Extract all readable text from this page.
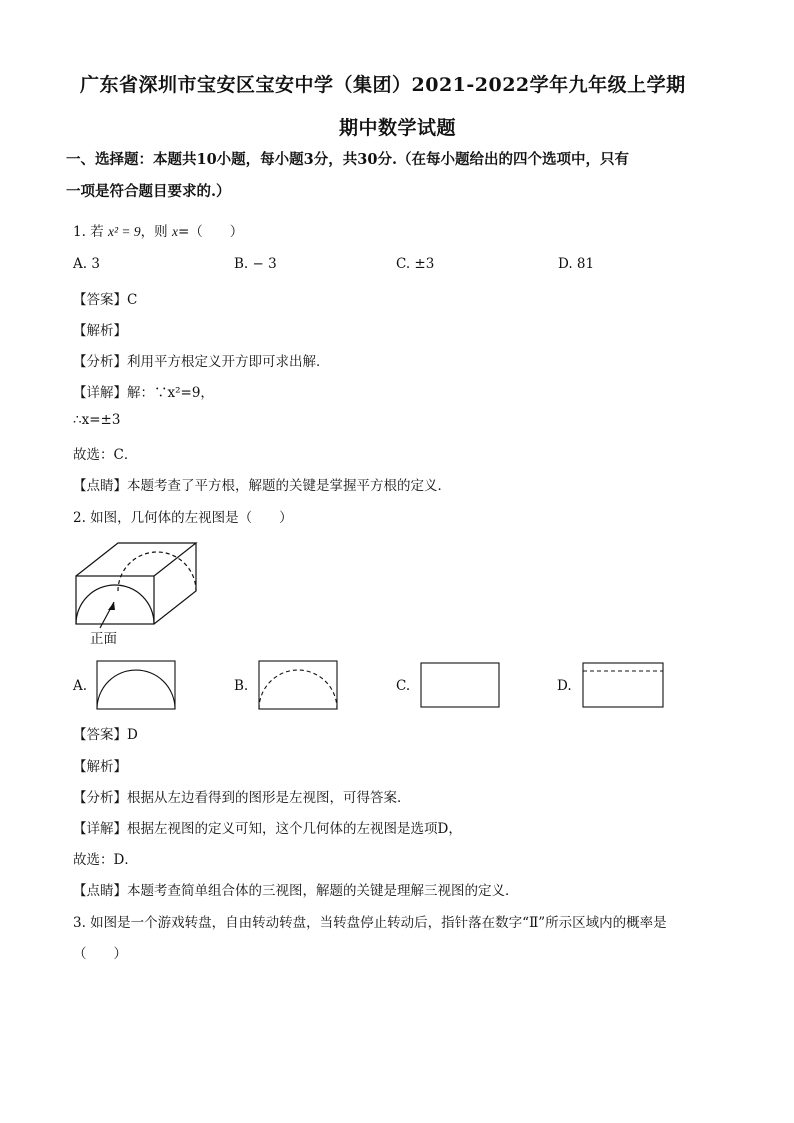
广东省深圳市宝安区宝安中学（集团）2021-2022学年九年级上学期
期中数学试题
一、选择题：本题共10小题，每小题3分，共30分.（在每小题给出的四个选项中，只有
一项是符合题目要求的.）
1. 若 x² = 9，则 x=（　　）
A. 3	B. − 3	C. ±3	D. 81
【答案】C
【解析】
【分析】利用平方根定义开方即可求出解．
【详解】解：∵x²=9，
∴x=±3
故选：C．
【点睛】本题考查了平方根，解题的关键是掌握平方根的定义．
2. 如图，几何体的左视图是（　　）
正面
A.	B.	C.	D.
【答案】D
【解析】
【分析】根据从左边看得到的图形是左视图，可得答案．
【详解】根据左视图的定义可知，这个几何体的左视图是选项D，
故选：D．
【点睛】本题考查简单组合体的三视图，解题的关键是理解三视图的定义．
3. 如图是一个游戏转盘，自由转动转盘，当转盘停止转动后，指针落在数字“Ⅱ”所示区域内的概率是
（　　）
